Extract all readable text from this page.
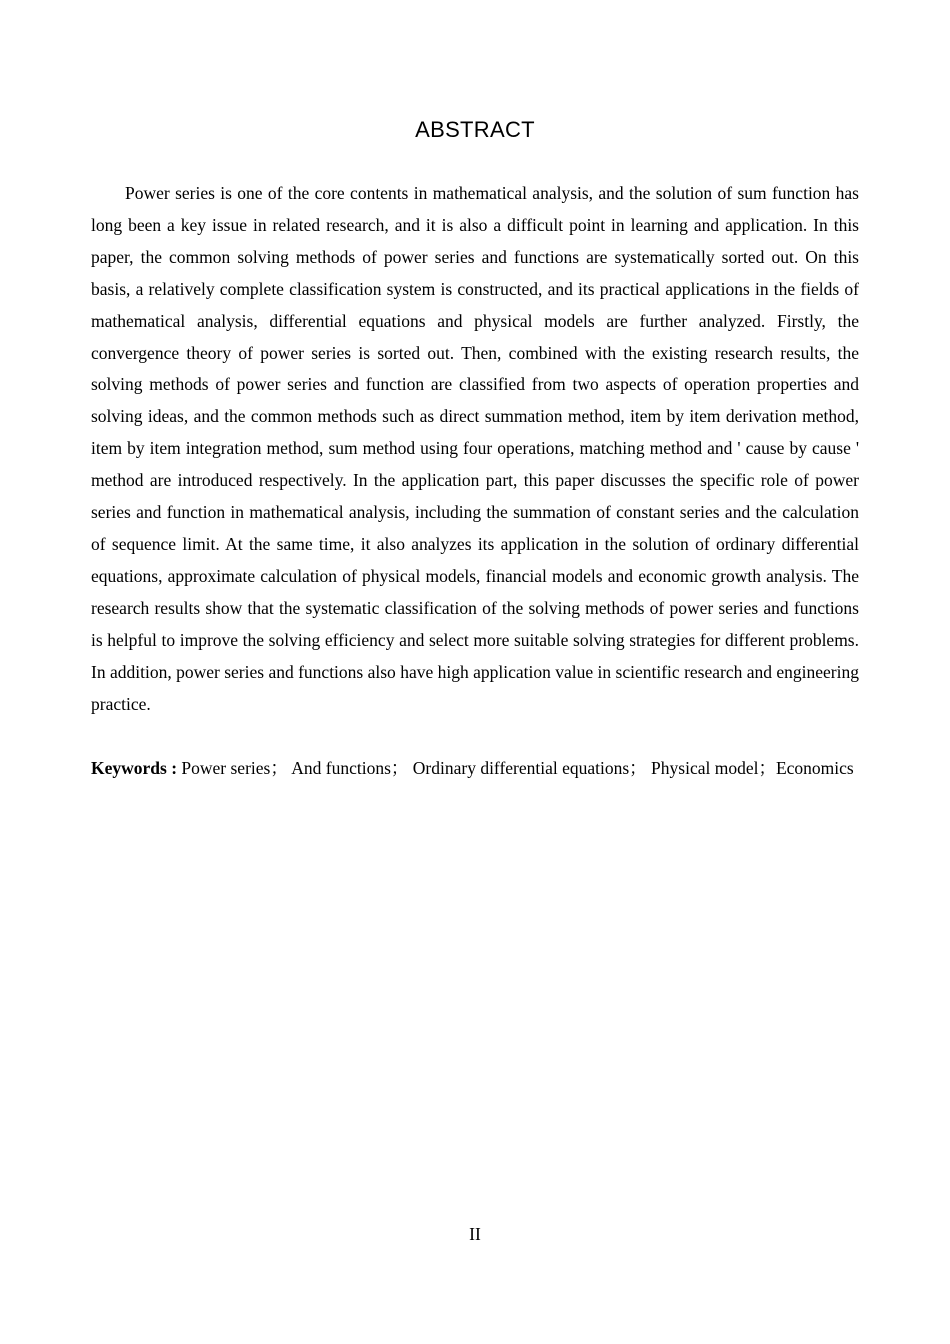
ABSTRACT

Power series is one of the core contents in mathematical analysis, and the solution of sum function has long been a key issue in related research, and it is also a difficult point in learning and application. In this paper, the common solving methods of power series and functions are systematically sorted out. On this basis, a relatively complete classification system is constructed, and its practical applications in the fields of mathematical analysis, differential equations and physical models are further analyzed. Firstly, the convergence theory of power series is sorted out. Then, combined with the existing research results, the solving methods of power series and function are classified from two aspects of operation properties and solving ideas, and the common methods such as direct summation method, item by item derivation method, item by item integration method, sum method using four operations, matching method and ' cause by cause ' method are introduced respectively. In the application part, this paper discusses the specific role of power series and function in mathematical analysis, including the summation of constant series and the calculation of sequence limit. At the same time, it also analyzes its application in the solution of ordinary differential equations, approximate calculation of physical models, financial models and economic growth analysis. The research results show that the systematic classification of the solving methods of power series and functions is helpful to improve the solving efficiency and select more suitable solving strategies for different problems. In addition, power series and functions also have high application value in scientific research and engineering practice.

Keywords : Power series； And functions； Ordinary differential equations； Physical model；Economics

II
